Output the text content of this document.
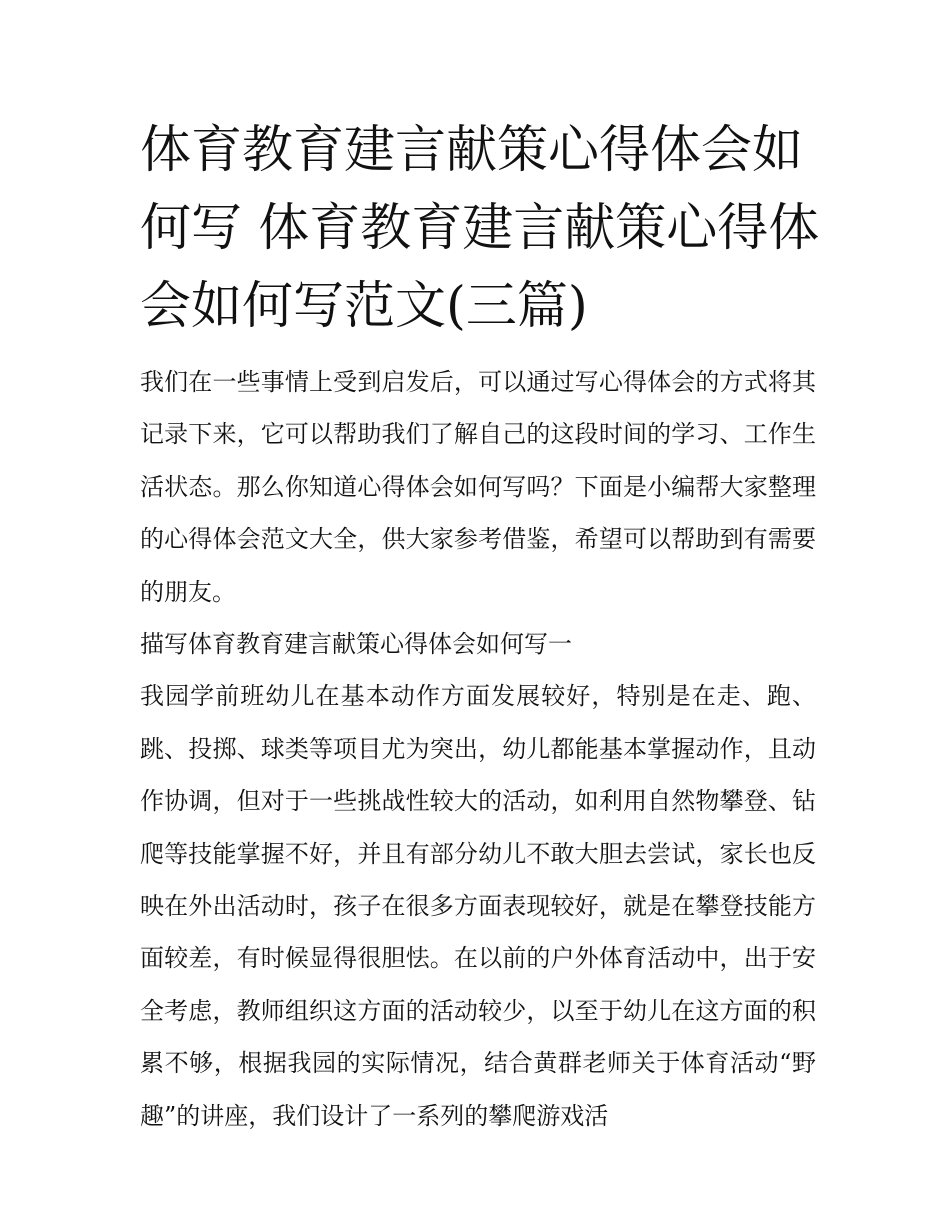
体育教育建言献策心得体会如何写 体育教育建言献策心得体会如何写范文(三篇)

我们在一些事情上受到启发后，可以通过写心得体会的方式将其记录下来，它可以帮助我们了解自己的这段时间的学习、工作生活状态。那么你知道心得体会如何写吗？下面是小编帮大家整理的心得体会范文大全，供大家参考借鉴，希望可以帮助到有需要的朋友。

描写体育教育建言献策心得体会如何写一

我园学前班幼儿在基本动作方面发展较好，特别是在走、跑、跳、投掷、球类等项目尤为突出，幼儿都能基本掌握动作，且动作协调，但对于一些挑战性较大的活动，如利用自然物攀登、钻爬等技能掌握不好，并且有部分幼儿不敢大胆去尝试，家长也反映在外出活动时，孩子在很多方面表现较好，就是在攀登技能方面较差，有时候显得很胆怯。在以前的户外体育活动中，出于安全考虑，教师组织这方面的活动较少，以至于幼儿在这方面的积累不够，根据我园的实际情况，结合黄群老师关于体育活动“野趣”的讲座，我们设计了一系列的攀爬游戏活
